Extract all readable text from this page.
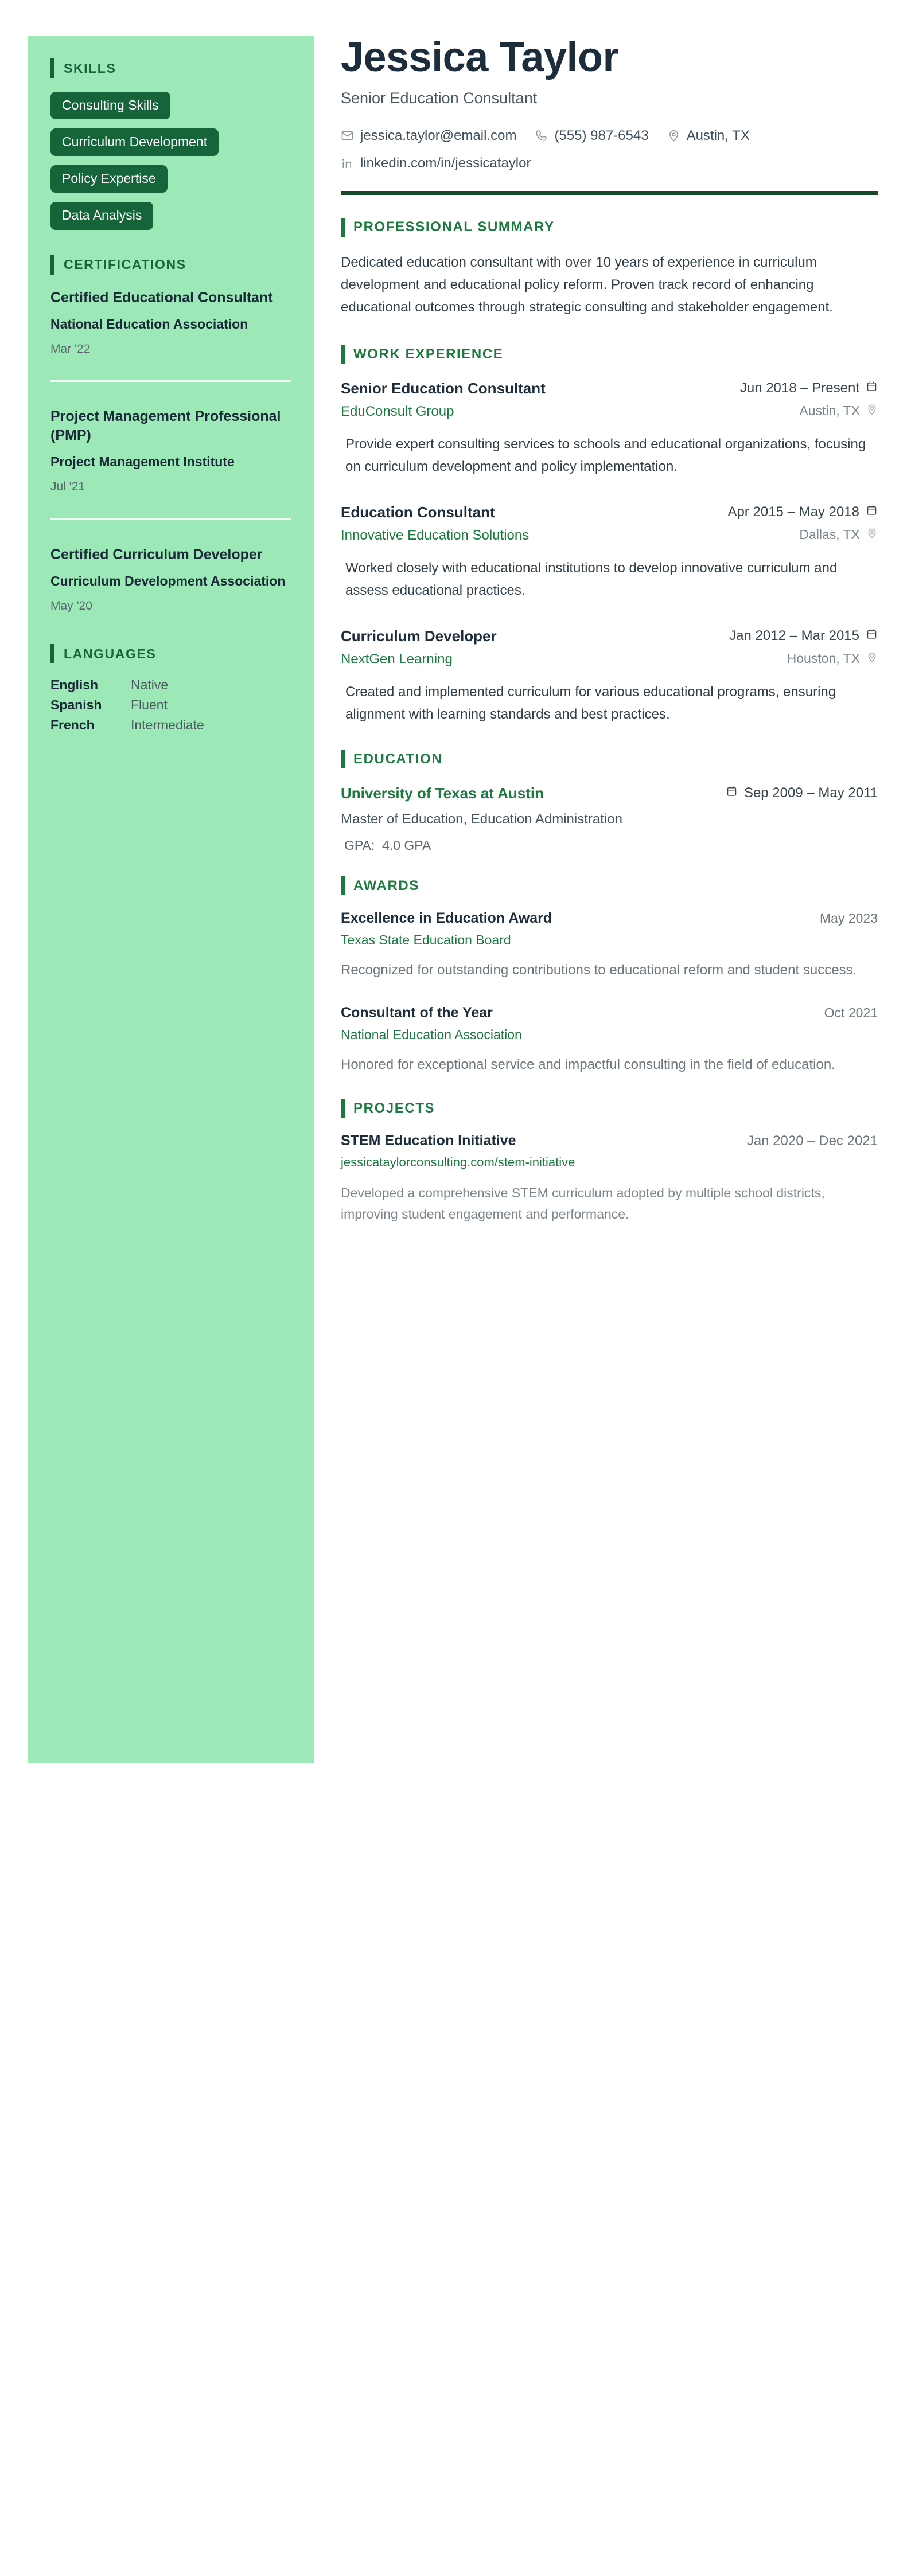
SKILLS
Consulting Skills
Curriculum Development
Policy Expertise
Data Analysis
CERTIFICATIONS
Certified Educational Consultant
National Education Association
Mar '22
Project Management Professional (PMP)
Project Management Institute
Jul '21
Certified Curriculum Developer
Curriculum Development Association
May '20
LANGUAGES
English	Native
Spanish	Fluent
French	Intermediate
Jessica Taylor
Senior Education Consultant
jessica.taylor@email.com	(555) 987-6543	Austin, TX
linkedin.com/in/jessicataylor
PROFESSIONAL SUMMARY

Dedicated education consultant with over 10 years of experience in curriculum development and educational policy reform. Proven track record of enhancing educational outcomes through strategic consulting and stakeholder engagement.

WORK EXPERIENCE
Senior Education Consultant	Jun 2018 – Present
EduConsult Group	Austin, TX

Provide expert consulting services to schools and educational organizations, focusing on curriculum development and policy implementation.

Education Consultant	Apr 2015 – May 2018
Innovative Education Solutions	Dallas, TX

Worked closely with educational institutions to develop innovative curriculum and assess educational practices.

Curriculum Developer	Jan 2012 – Mar 2015
NextGen Learning	Houston, TX

Created and implemented curriculum for various educational programs, ensuring alignment with learning standards and best practices.

EDUCATION
University of Texas at Austin	Sep 2009 – May 2011
Master of Education, Education Administration
GPA: 4.0 GPA
AWARDS
Excellence in Education Award	May 2023
Texas State Education Board

Recognized for outstanding contributions to educational reform and student success.

Consultant of the Year	Oct 2021
National Education Association

Honored for exceptional service and impactful consulting in the field of education.

PROJECTS
STEM Education Initiative	Jan 2020 – Dec 2021
jessicataylorconsulting.com/stem-initiative

Developed a comprehensive STEM curriculum adopted by multiple school districts, improving student engagement and performance.
